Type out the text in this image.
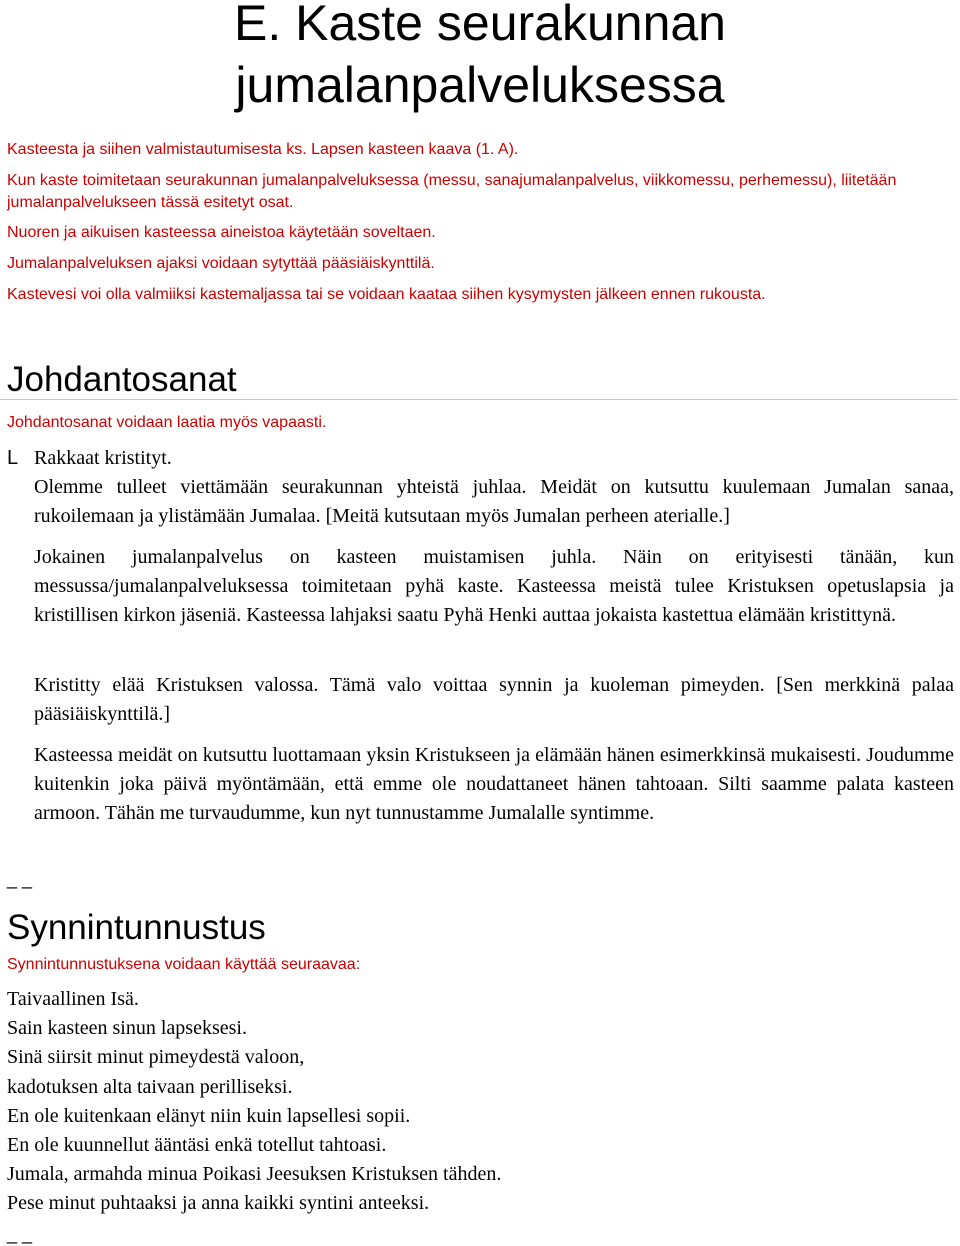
E. Kaste seurakunnan
jumalanpalveluksessa

Kasteesta ja siihen valmistautumisesta ks. Lapsen kasteen kaava (1. A).

Kun kaste toimitetaan seurakunnan jumalanpalveluksessa (messu, sanajumalanpalvelus, viikkomessu, perhemessu), liitetään jumalanpalvelukseen tässä esitetyt osat.

Nuoren ja aikuisen kasteessa aineistoa käytetään soveltaen.

Jumalanpalveluksen ajaksi voidaan sytyttää pääsiäiskynttilä.

Kastevesi voi olla valmiiksi kastemaljassa tai se voidaan kaataa siihen kysymysten jälkeen ennen rukousta.

Johdantosanat

Johdantosanat voidaan laatia myös vapaasti.

L Rakkaat kristityt.

Olemme tulleet viettämään seurakunnan yhteistä juhlaa. Meidät on kutsuttu kuulemaan Jumalan sanaa, rukoilemaan ja ylistämään Jumalaa. [Meitä kutsutaan myös Jumalan perheen aterialle.]

Jokainen jumalanpalvelus on kasteen muistamisen juhla. Näin on erityisesti tänään, kun messussa/jumalanpalveluksessa toimitetaan pyhä kaste. Kasteessa meistä tulee Kristuksen opetuslapsia ja kristillisen kirkon jäseniä. Kasteessa lahjaksi saatu Pyhä Henki auttaa jokaista kastettua elämään kristittynä.

Kristitty elää Kristuksen valossa. Tämä valo voittaa synnin ja kuoleman pimeyden. [Sen merkkinä palaa pääsiäiskynttilä.]

Kasteessa meidät on kutsuttu luottamaan yksin Kristukseen ja elämään hänen esimerkkinsä mukaisesti. Joudumme kuitenkin joka päivä myöntämään, että emme ole noudattaneet hänen tahtoaan. Silti saamme palata kasteen armoon. Tähän me turvaudumme, kun nyt tunnustamme Jumalalle syntimme.

_ _
Synnintunnustus

Synnintunnustuksena voidaan käyttää seuraavaa:

Taivaallinen Isä.
Sain kasteen sinun lapseksesi.
Sinä siirsit minut pimeydestä valoon,
kadotuksen alta taivaan perilliseksi.
En ole kuitenkaan elänyt niin kuin lapsellesi sopii.
En ole kuunnellut ääntäsi enkä totellut tahtoasi.
Jumala, armahda minua Poikasi Jeesuksen Kristuksen tähden.
Pese minut puhtaaksi ja anna kaikki syntini anteeksi.
_ _
